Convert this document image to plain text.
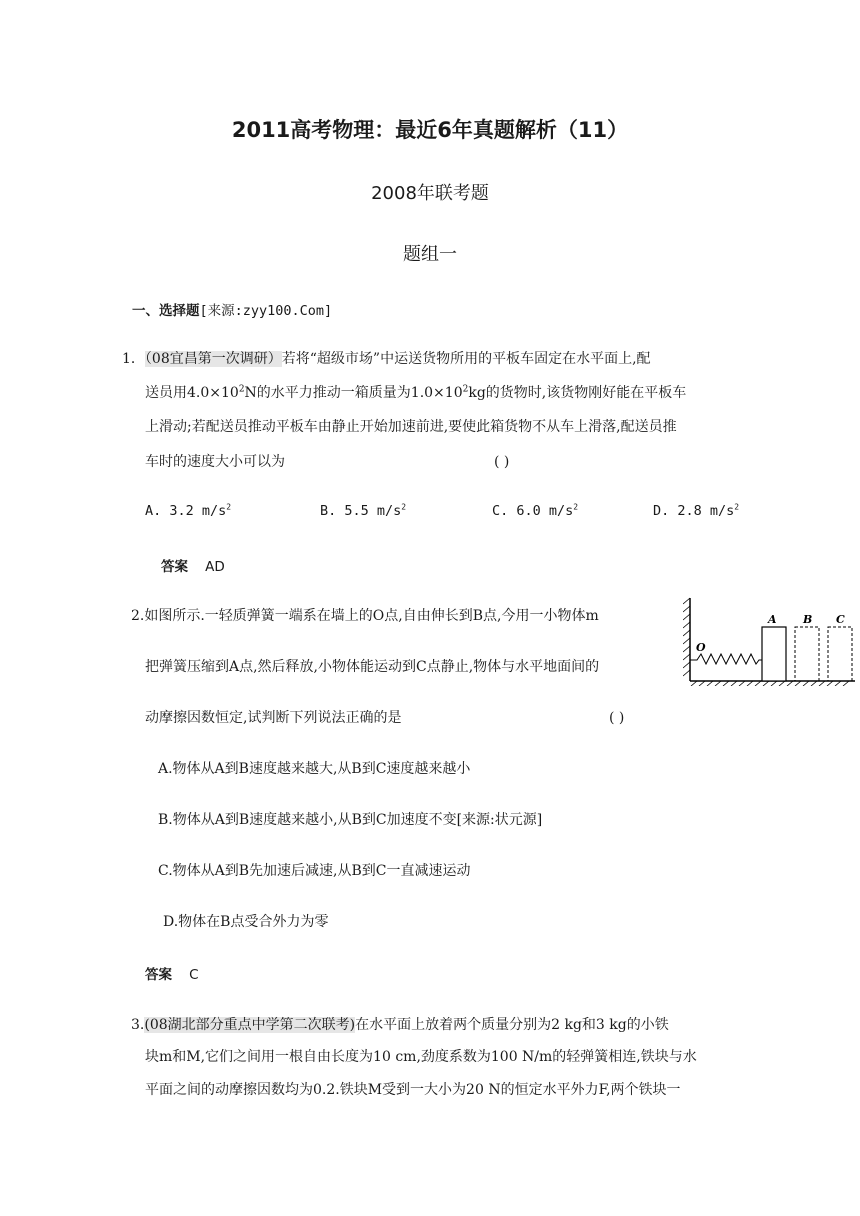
2011高考物理：最近6年真题解析（11）
2008年联考题
题组一
一、选择题[来源:zyy100.Com]
1．（08宜昌第一次调研）若将“超级市场”中运送货物所用的平板车固定在水平面上,配
送员用$4.0\times 10^2N$的水平力推动一箱质量为$1.0\times 10^2kg$的货物时,该货物刚好能在平板车
上滑动;若配送员推动平板车由静止开始加速前进,要使此箱货物不从车上滑落,配送员推
车时的速度大小可以为	( )
A. 3.2 $m/s^2$	B. 5.5 $m/s^2$	C. 6.0 $m/s^2$	D. 2.8 $m/s^2$
答案 AD
2.如图所示.一轻质弹簧一端系在墙上的O点,自由伸长到B点,今用一小物体m
把弹簧压缩到A点,然后释放,小物体能运动到C点静止,物体与水平地面间的
动摩擦因数恒定,试判断下列说法正确的是	( )
A.物体从A到B速度越来越大,从B到C速度越来越小
B.物体从A到B速度越来越小,从B到C加速度不变[来源:状元源]
C.物体从A到B先加速后减速,从B到C一直减速运动
D.物体在B点受合外力为零
答案 C
O
A B C
3.(08湖北部分重点中学第二次联考)在水平面上放着两个质量分别为2 kg和3 kg的小铁
块m和M,它们之间用一根自由长度为10 cm,劲度系数为100 N/m的轻弹簧相连,铁块与水
平面之间的动摩擦因数均为0.2.铁块M受到一大小为20 N的恒定水平外力F,两个铁块一
